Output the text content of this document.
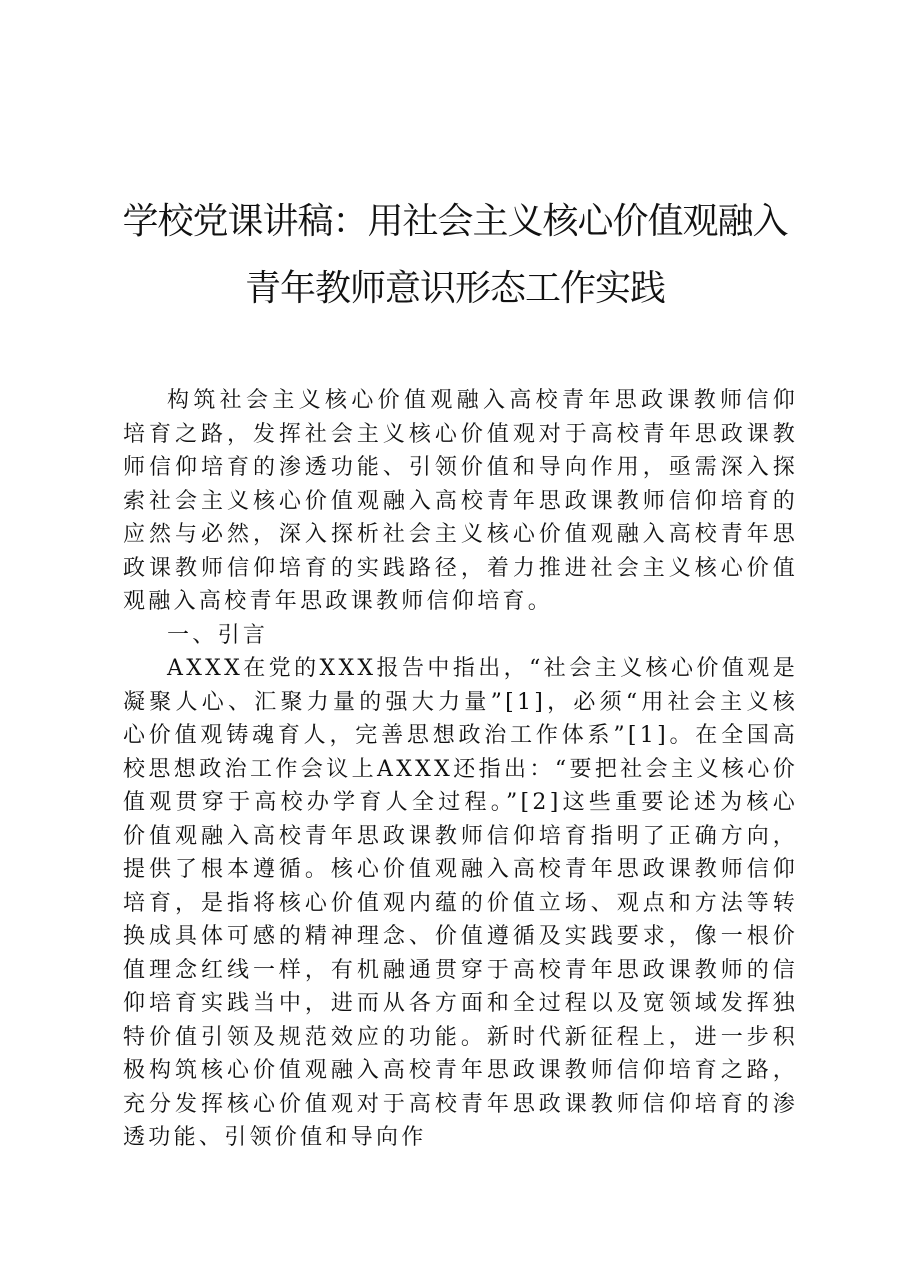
学校党课讲稿：用社会主义核心价值观融入青年教师意识形态工作实践

构筑社会主义核心价值观融入高校青年思政课教师信仰培育之路，发挥社会主义核心价值观对于高校青年思政课教师信仰培育的渗透功能、引领价值和导向作用，亟需深入探索社会主义核心价值观融入高校青年思政课教师信仰培育的应然与必然，深入探析社会主义核心价值观融入高校青年思政课教师信仰培育的实践路径，着力推进社会主义核心价值观融入高校青年思政课教师信仰培育。

一、引言

AXXX在党的XXX报告中指出，“社会主义核心价值观是凝聚人心、汇聚力量的强大力量”[1]，必须“用社会主义核心价值观铸魂育人，完善思想政治工作体系”[1]。在全国高校思想政治工作会议上AXXX还指出：“要把社会主义核心价值观贯穿于高校办学育人全过程。”[2]这些重要论述为核心价值观融入高校青年思政课教师信仰培育指明了正确方向，提供了根本遵循。核心价值观融入高校青年思政课教师信仰培育，是指将核心价值观内蕴的价值立场、观点和方法等转换成具体可感的精神理念、价值遵循及实践要求，像一根价值理念红线一样，有机融通贯穿于高校青年思政课教师的信仰培育实践当中，进而从各方面和全过程以及宽领域发挥独特价值引领及规范效应的功能。新时代新征程上，进一步积极构筑核心价值观融入高校青年思政课教师信仰培育之路，充分发挥核心价值观对于高校青年思政课教师信仰培育的渗透功能、引领价值和导向作
